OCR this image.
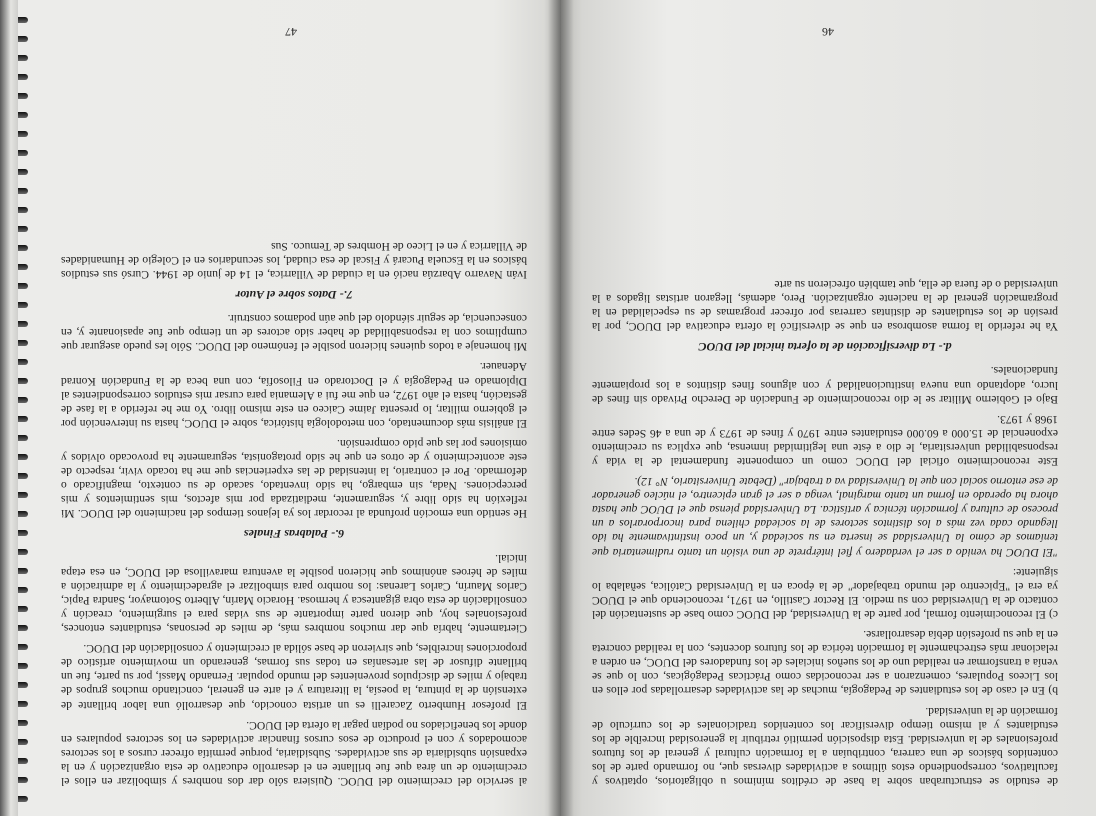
de estudio se estructuraban sobre la base de créditos mínimos u obligatorios, optativos y facultativos, correspondiendo estos últimos a actividades diversas que, no formando parte de los contenidos básicos de una carrera, contribuían a la formación cultural y general de los futuros profesionales de la universidad. Esta disposición permitió retribuir la generosidad increíble de los estudiantes y al mismo tiempo diversificar los contenidos tradicionales de los currículo de formación de la universidad.

b) En el caso de los estudiantes de Pedagogía, muchas de las actividades desarrolladas por ellos en los Liceos Populares, comenzaron a ser reconocidas como Prácticas Pedagógicas, con lo que se venía a transformar en realidad uno de los sueños iniciales de los fundadores del DUOC, en orden a relacionar más estrechamente la formación teórica de los futuros docentes, con la realidad concreta en la que su profesión debía desarrollarse.

c) El reconocimiento formal, por parte de la Universidad, del DUOC como base de sustentación del contacto de la Universidad con su medio. El Rector Castillo, en 1971, reconociendo que el DUOC ya era el "Epicentro del mundo trabajador" de la época en la Universidad Católica, señalaba lo siguiente:

"El DUOC ha venido a ser el verdadero y fiel intérprete de una visión un tanto rudimentaria que teníamos de cómo la Universidad se inserta en su sociedad y, un poco instintivamente ha ido llegando cada vez más a los distintos sectores de la sociedad chilena para incorporarlos a un proceso de cultura y formación técnica y artística. La Universidad piensa que el DUOC que hasta ahora ha operado en forma un tanto marginal, venga a ser el gran epicentro, el núcleo generador de ese entorno social con que la Universidad va a trabajar" (Debate Universitario, N° 12).

Este reconocimiento oficial del DUOC como un componente fundamental de la vida y responsabilidad universitaria, le dio a éste una legitimidad inmensa, que explica su crecimiento exponencial de 15.000 a 60.000 estudiantes entre 1970 y fines de 1973 y de una a 46 Sedes entre 1968 y 1973.

Bajo el Gobierno Militar se le dio reconocimiento de Fundación de Derecho Privado sin fines de lucro, adoptando una nueva institucionalidad y con algunos fines distintos a los propiamente fundacionales.

d.- La diversificación de la oferta inicial del DUOC

Ya he referido la forma asombrosa en que se diversificó la oferta educativa del DUOC, por la presión de los estudiantes de distintas carreras por ofrecer programas de su especialidad en la programación general de la naciente organización. Pero, además, llegaron artistas ligados a la universidad o de fuera de ella, que también ofrecieron su arte

46

al servicio del crecimiento del DUOC. Quisiera sólo dar dos nombres y simbolizar en ellos el crecimiento de un área que fue brillante en el desarrollo educativo de esta organización y en la expansión subsidiaria de sus actividades. Subsidiaria, porque permitía ofrecer cursos a los sectores acomodados y con el producto de esos cursos financiar actividades en los sectores populares en donde los beneficiados no podían pagar la oferta del DUOC.

El profesor Humberto Zacarelli es un artista conocido, que desarrolló una labor brillante de extensión de la pintura, la poesía, la literatura y el arte en general, concitando muchos grupos de trabajo y miles de discípulos provenientes del mundo popular. Fernando Massí, por su parte, fue un brillante difusor de las artesanías en todas sus formas, generando un movimiento artístico de proporciones increíbles, que sirvieron de base sólida al crecimiento y consolidación del DUOC.

Ciertamente, habría que dar muchos nombres más, de miles de personas, estudiantes entonces, profesionales hoy, que dieron parte importante de sus vidas para el surgimiento, creación y consolidación de esta obra gigantesca y hermosa. Horacio Marín, Alberto Sotomayor, Sandra Papic, Carlos Maurín, Carlos Larenas: los nombro para simbolizar el agradecimiento y la admiración a miles de héroes anónimos que hicieron posible la aventura maravillosa del DUOC, en esa etapa inicial.

6.- Palabras Finales

He sentido una emoción profunda al recordar los ya lejanos tiempos del nacimiento del DUOC. Mi reflexión ha sido libre y, seguramente, mediatizada por mis afectos, mis sentimientos y mis percepciones. Nada, sin embargo, ha sido inventado, sacado de su contexto, magnificado o deformado. Por el contrario, la intensidad de las experiencias que me ha tocado vivir, respecto de este acontecimiento y de otros en que he sido protagonista, seguramente ha provocado olvidos y omisiones por las que pido comprensión.

El análisis más documentado, con metodología histórica, sobre el DUOC, hasta su intervención por el gobierno militar, lo presenta Jaime Caiceo en este mismo libro. Yo me he referido a la fase de gestación, hasta el año 1972, en que me fui a Alemania para cursar mis estudios correspondientes al Diplomado en Pedagogía y el Doctorado en Filosofía, con una beca de la Fundación Konrad Adenauer.

Mi homenaje a todos quienes hicieron posible el fenómeno del DUOC. Sólo les puedo asegurar que cumplimos con la responsabilidad de haber sido actores de un tiempo que fue apasionante y, en consecuencia, de seguir siéndolo del que aún podamos construir.

7.- Datos sobre el Autor

Iván Navarro Abarzúa nació en la ciudad de Villarrica, el 14 de junio de 1944. Cursó sus estudios básicos en la Escuela Pucará y Fiscal de esa ciudad, los secundarios en el Colegio de Humanidades de Villarrica y en el Liceo de Hombres de Temuco. Sus

47
